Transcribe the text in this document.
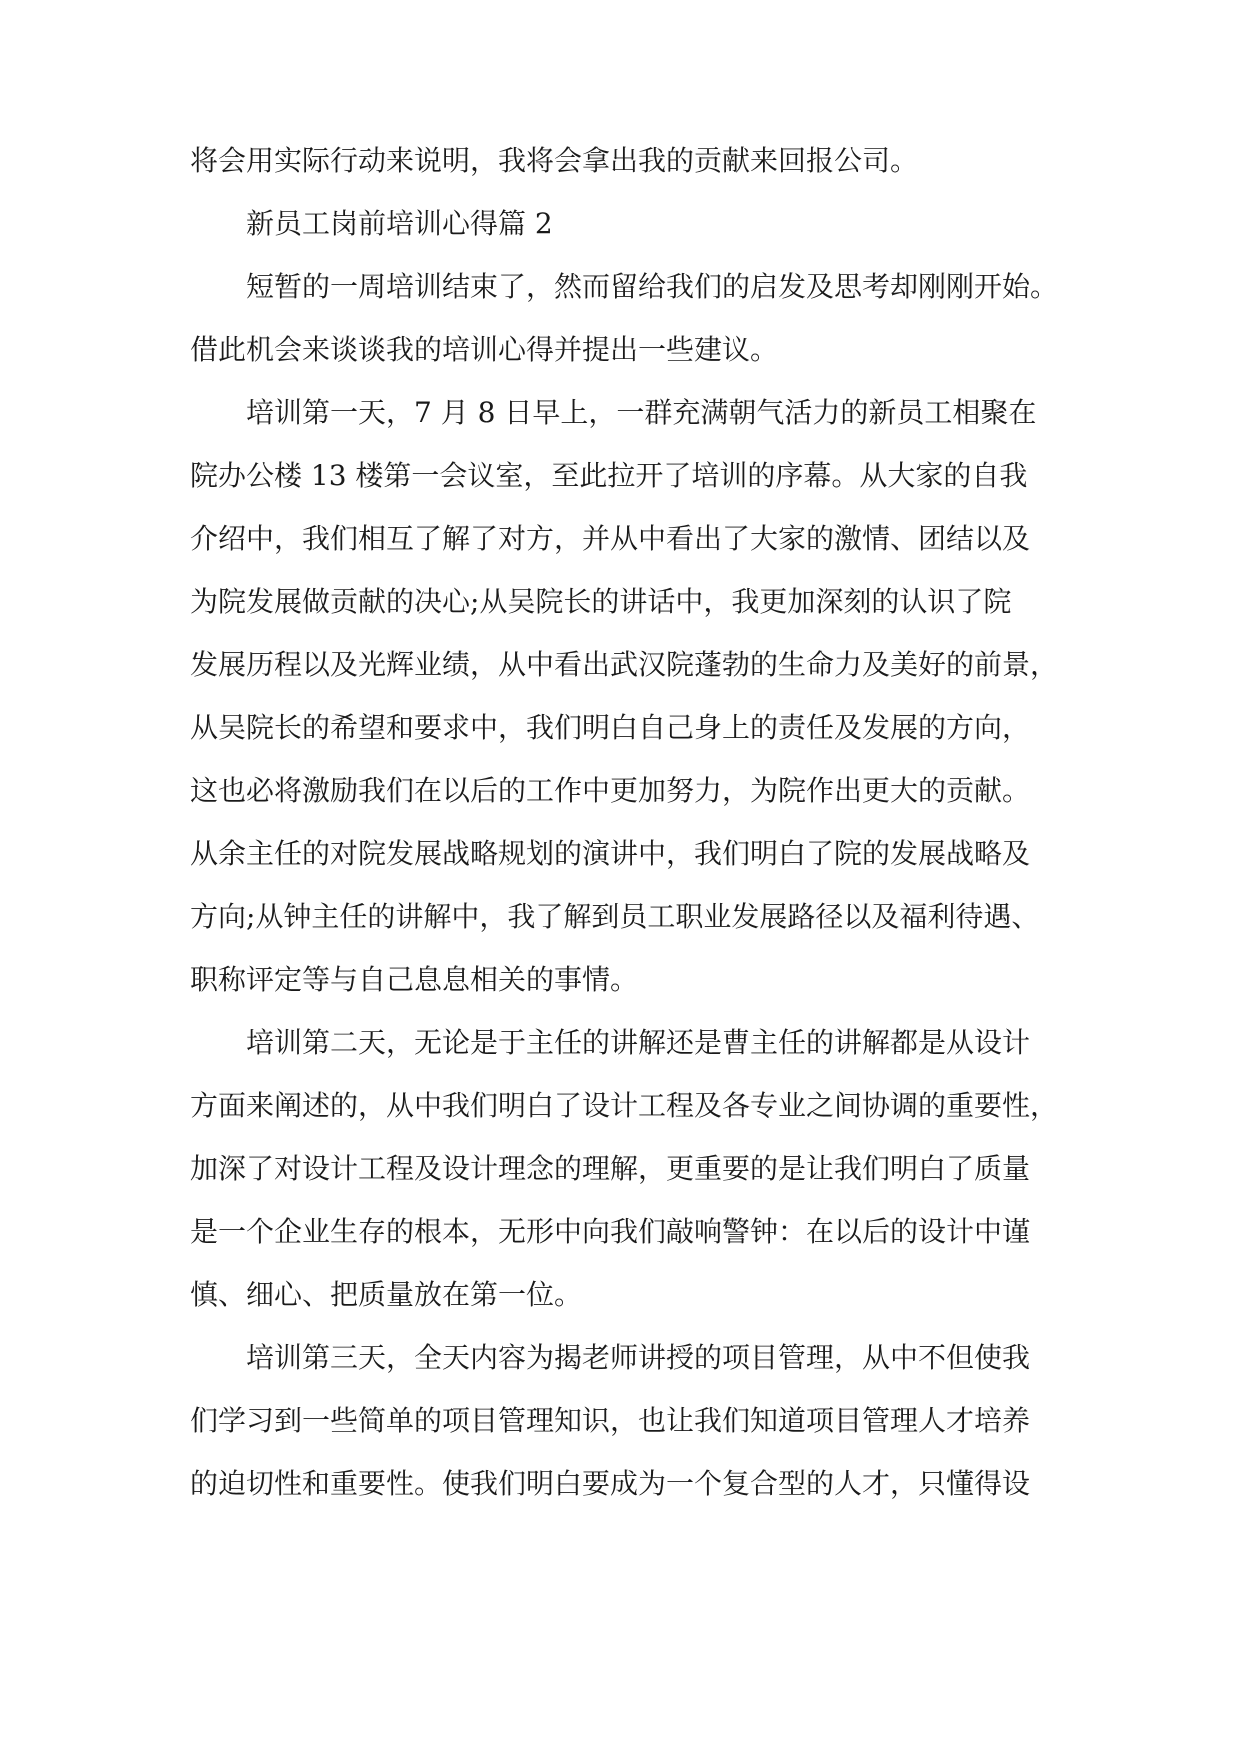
将会用实际行动来说明，我将会拿出我的贡献来回报公司。

新员工岗前培训心得篇 2

短暂的一周培训结束了，然而留给我们的启发及思考却刚刚开始。

借此机会来谈谈我的培训心得并提出一些建议。

培训第一天，7 月 8 日早上，一群充满朝气活力的新员工相聚在

院办公楼 13 楼第一会议室，至此拉开了培训的序幕。从大家的自我

介绍中，我们相互了解了对方，并从中看出了大家的激情、团结以及

为院发展做贡献的决心;从吴院长的讲话中，我更加深刻的认识了院

发展历程以及光辉业绩，从中看出武汉院蓬勃的生命力及美好的前景，

从吴院长的希望和要求中，我们明白自己身上的责任及发展的方向，

这也必将激励我们在以后的工作中更加努力，为院作出更大的贡献。

从余主任的对院发展战略规划的演讲中，我们明白了院的发展战略及

方向;从钟主任的讲解中，我了解到员工职业发展路径以及福利待遇、

职称评定等与自己息息相关的事情。

培训第二天，无论是于主任的讲解还是曹主任的讲解都是从设计

方面来阐述的，从中我们明白了设计工程及各专业之间协调的重要性，

加深了对设计工程及设计理念的理解，更重要的是让我们明白了质量

是一个企业生存的根本，无形中向我们敲响警钟：在以后的设计中谨

慎、细心、把质量放在第一位。

培训第三天，全天内容为揭老师讲授的项目管理，从中不但使我

们学习到一些简单的项目管理知识，也让我们知道项目管理人才培养

的迫切性和重要性。使我们明白要成为一个复合型的人才，只懂得设
